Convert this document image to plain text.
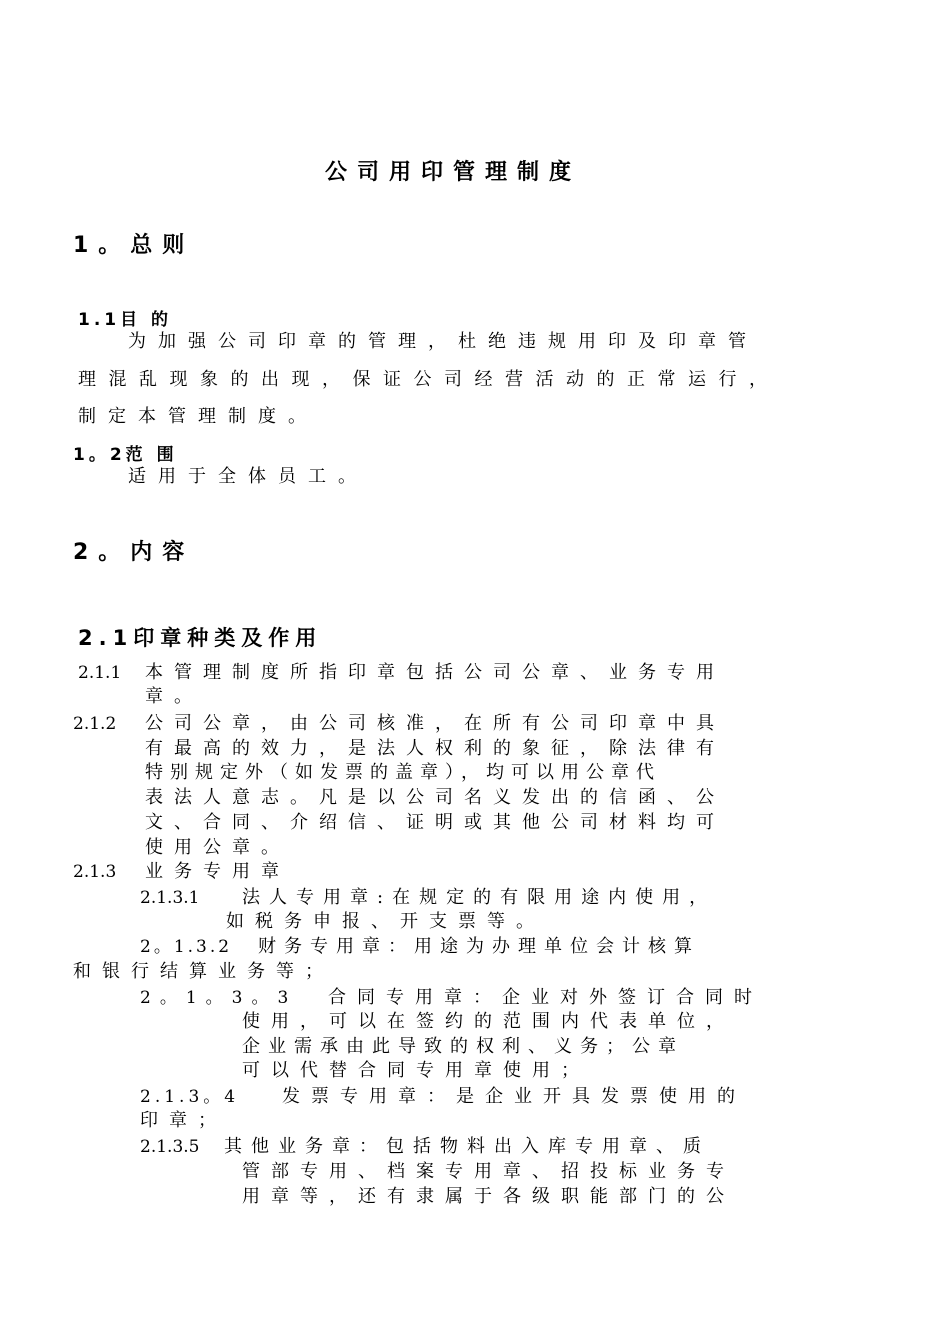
公司用印管理制度
1。总则
1.1目 的
为加强公司印章的管理，杜绝违规用印及印章管
理混乱现象的出现，保证公司经营活动的正常运行，
制定本管理制度。
1。2范 围
适用于全体员工。
2。内容
2.1印章种类及作用
2.1.1 本管理制度所指印章包括公司公章、业务专用
章。
2.1.2 公司公章，由公司核准，在所有公司印章中具
有最高的效力，是法人权利的象征，除法律有
特别规定外（如发票的盖章），均可以用公章代
表法人意志。凡是以公司名义发出的信函、公
文、合同、介绍信、证明或其他公司材料均可
使用公章。
2.1.3 业务专用章
2.1.3.1 法人专用章:在规定的有限用途内使用，
如税务申报、开支票等。
2。1.3.2 财务专用章：用途为办理单位会计核算
和银行结算业务等；
2。1。3。3 合同专用章：企业对外签订合同时
使用，可以在签约的范围内代表单位，
企业需承由此导致的权利、义务；公章
可以代替合同专用章使用；
2.1.3。4 发票专用章：是企业开具发票使用的
印章；
2.1.3.5 其他业务章：包括物料出入库专用章、质
管部专用、档案专用章、招投标业务专
用章等，还有隶属于各级职能部门的公
